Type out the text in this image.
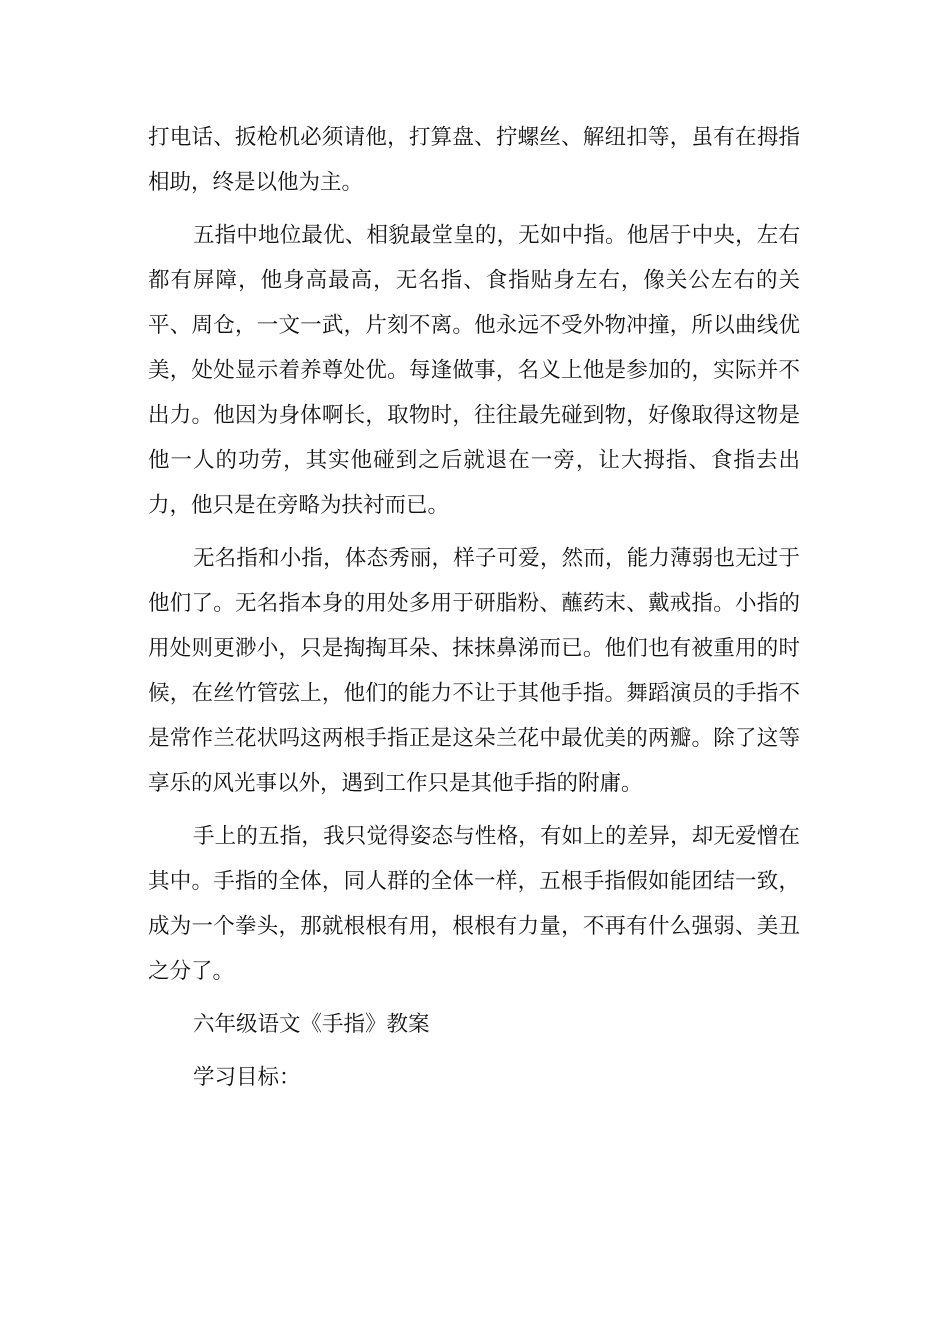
打电话、扳枪机必须请他，打算盘、拧螺丝、解纽扣等，虽有在拇指相助，终是以他为主。

五指中地位最优、相貌最堂皇的，无如中指。他居于中央，左右都有屏障，他身高最高，无名指、食指贴身左右，像关公左右的关平、周仓，一文一武，片刻不离。他永远不受外物冲撞，所以曲线优美，处处显示着养尊处优。每逢做事，名义上他是参加的，实际并不出力。他因为身体啊长，取物时，往往最先碰到物，好像取得这物是他一人的功劳，其实他碰到之后就退在一旁，让大拇指、食指去出力，他只是在旁略为扶衬而已。

无名指和小指，体态秀丽，样子可爱，然而，能力薄弱也无过于他们了。无名指本身的用处多用于研脂粉、蘸药末、戴戒指。小指的用处则更渺小，只是掏掏耳朵、抹抹鼻涕而已。他们也有被重用的时候，在丝竹管弦上，他们的能力不让于其他手指。舞蹈演员的手指不是常作兰花状吗这两根手指正是这朵兰花中最优美的两瓣。除了这等享乐的风光事以外，遇到工作只是其他手指的附庸。

手上的五指，我只觉得姿态与性格，有如上的差异，却无爱憎在其中。手指的全体，同人群的全体一样，五根手指假如能团结一致，成为一个拳头，那就根根有用，根根有力量，不再有什么强弱、美丑之分了。

六年级语文《手指》教案

学习目标：
